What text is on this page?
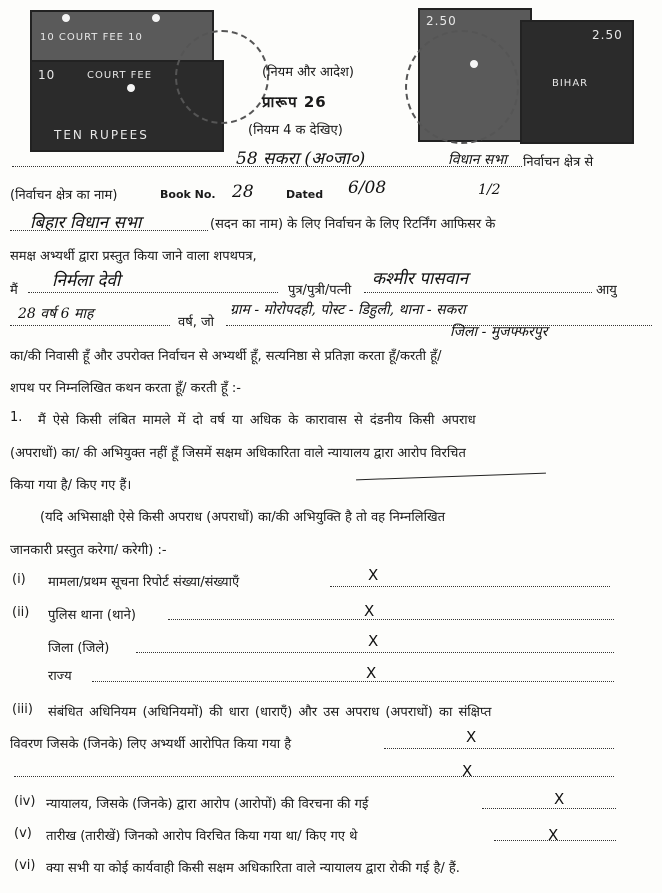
10 COURT FEE 10
10	COURT FEE
TEN RUPEES
2.50
BIHAR
2.50
(नियम और आदेश)
प्रारूप 26
(नियम 4 क देखिए)
58 सकरा (अ०जा०)	विधान सभा निर्वाचन क्षेत्र से
(निर्वाचन क्षेत्र का नाम)	Book No. 28	Dated 6/08	1/2
बिहार विधान सभा	(सदन का नाम) के लिए निर्वाचन के लिए रिटर्निंग आफिसर के
समक्ष अभ्यर्थी द्वारा प्रस्तुत किया जाने वाला शपथपत्र,
मैं निर्मला देवी	पुत्र/पुत्री/पत्नी
कश्मीर पासवान
आयु
28 वर्ष 6 माह
वर्ष, जो
ग्राम - मोरोपदही, पोस्ट - डिहुली, थाना - सकरा
जिला - मुजफ्फरपुर
का/की निवासी हूँ और उपरोक्त निर्वाचन से अभ्यर्थी हूँ, सत्यनिष्ठा से प्रतिज्ञा करता हूँ/करती हूँ/
शपथ पर निम्नलिखित कथन करता हूँ/ करती हूँ :-
1. मैं ऐसे किसी लंबित मामले में दो वर्ष या अधिक के कारावास से दंडनीय किसी अपराध
(अपराधों) का/ की अभियुक्त नहीं हूँ जिसमें सक्षम अधिकारिता वाले न्यायालय द्वारा आरोप विरचित
किया गया है/ किए गए हैं।
(यदि अभिसाक्षी ऐसे किसी अपराध (अपराधों) का/की अभियुक्ति है तो वह निम्नलिखित
जानकारी प्रस्तुत करेगा/ करेगी) :-
(i) मामला/प्रथम सूचना रिपोर्ट संख्या/संख्याएँ	X
(ii) पुलिस थाना (थाने)	X
जिला (जिले)	X
राज्य	X
(iii) संबंधित अधिनियम (अधिनियमों) की धारा (धाराएँ) और उस अपराध (अपराधों) का संक्षिप्त
विवरण जिसके (जिनके) लिए अभ्यर्थी आरोपित किया गया है	X
X
(iv) न्यायालय, जिसके (जिनके) द्वारा आरोप (आरोपों) की विरचना की गई	X
(v) तारीख (तारीखें) जिनको आरोप विरचित किया गया था/ किए गए थे	X
(vi) क्या सभी या कोई कार्यवाही किसी सक्षम अधिकारिता वाले न्यायालय द्वारा रोकी गई है/ हैं.
